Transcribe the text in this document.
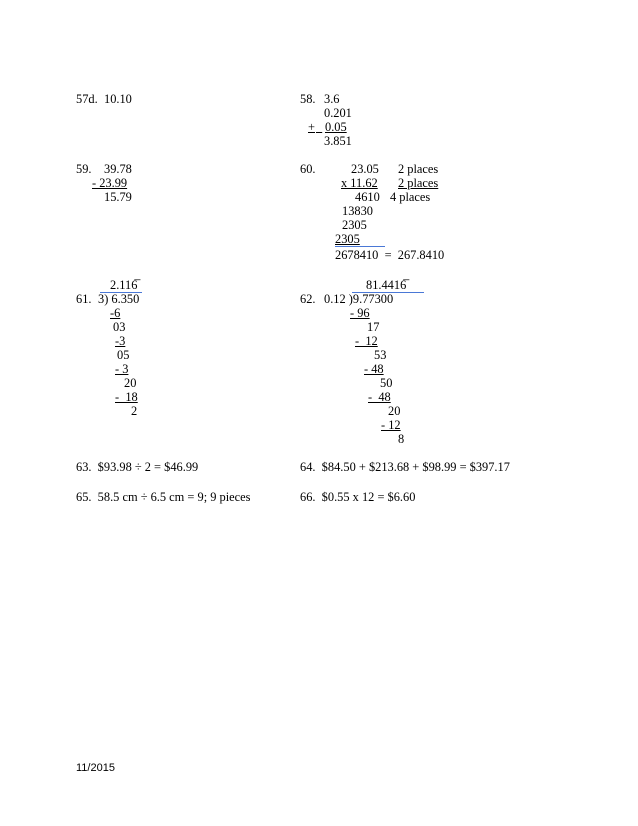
57d. 10.10	58. 3.6
0.201
+
0.05
3.851
59. 39.78
- 23.99
15.79
60.	23.05 2 places
x 11.62 2 places
4610 4 places
13830
2305
2305
2678410  =  267.8410
2.116̅
61. 3) 6.350
-6
03
-3
05
- 3
20
-  18
2
81.4416̅
62. 0.12 )9.77300
- 96
17
-  12
53
- 48
50
-  48
20
- 12
8
63.  $93.98 ÷ 2 = $46.99	64.  $84.50 + $213.68 + $98.99 = $397.17
65.  58.5 cm ÷ 6.5 cm = 9; 9 pieces	66.  $0.55 x 12 = $6.60
11/2015
